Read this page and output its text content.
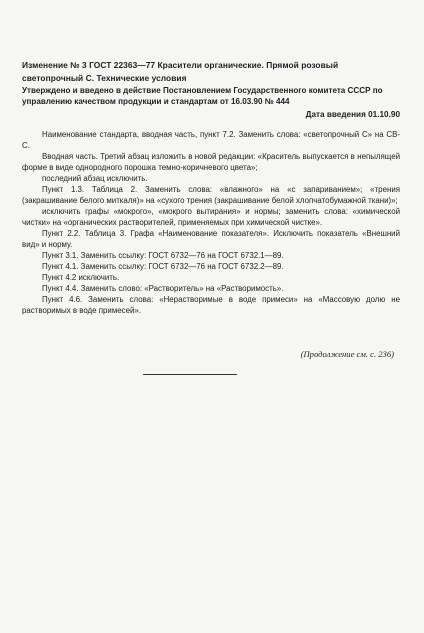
Изменение № 3 ГОСТ 22363—77 Красители органические. Прямой розовый светопрочный С. Технические условия

Утверждено и введено в действие Постановлением Государственного комитета СССР по управлению качеством продукции и стандартам от 16.03.90 № 444

Дата введения 01.10.90

Наименование стандарта, вводная часть, пункт 7.2. Заменить слова: «светопрочный С» на СВ-С.

Вводная часть. Третий абзац изложить в новой редакции: «Краситель выпускается в непылящей форме в виде однородного порошка темно-коричневого цвета»;

последний абзац исключить.

Пункт 1.3. Таблица 2. Заменить слова: «влажного» на «с запариванием»; «трения (закрашивание белого миткаля)» на «сухого трения (закрашивание белой хлопчатобумажной ткани)»;

исключить графы «мокрого», «мокрого вытирания» и нормы; заменить слова: «химической чистки» на «органических растворителей, применяемых при химической чистке».

Пункт 2.2. Таблица 3. Графа «Наименование показателя». Исключить показатель «Внешний вид» и норму.

Пункт 3.1. Заменить ссылку: ГОСТ 6732—76 на ГОСТ 6732.1—89.

Пункт 4.1. Заменить ссылку: ГОСТ 6732—76 на ГОСТ 6732.2—89.

Пункт 4.2 исключить.

Пункт 4.4. Заменить слово: «Растворитель» на «Растворимость».

Пункт 4.6. Заменить слова: «Нерастворимые в воде примеси» на «Массовую долю не растворимых в воде примесей».

(Продолжение см. с. 236)
